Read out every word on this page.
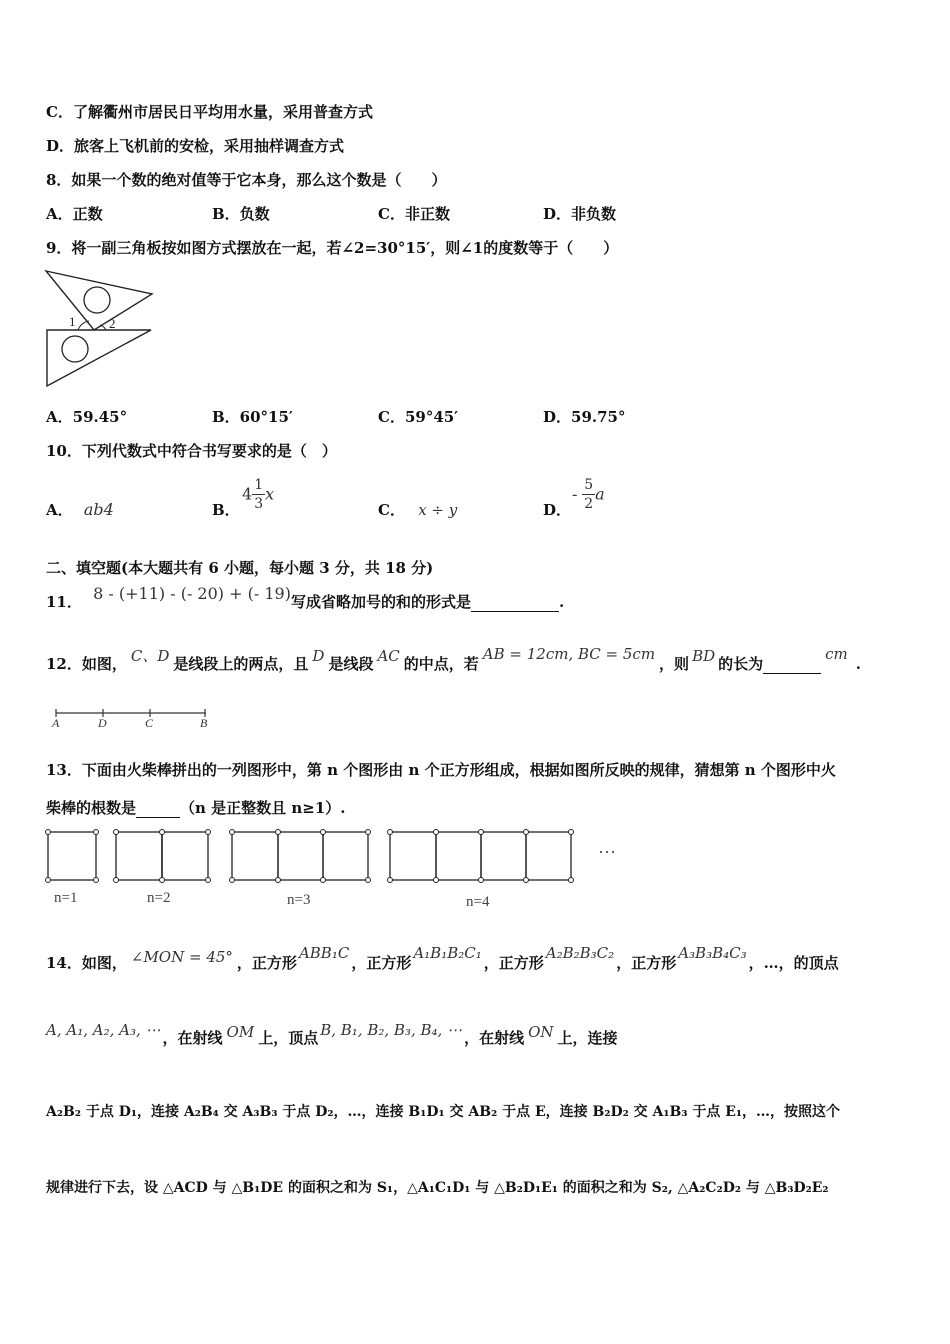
C．了解衢州市居民日平均用水量，采用普查方式
D．旅客上飞机前的安检，采用抽样调查方式
8．如果一个数的绝对值等于它本身，那么这个数是（　　）
A．正数	B．负数	C．非正数	D．非负数
9．将一副三角板按如图方式摆放在一起，若∠2=30°15′，则∠1的度数等于（　　）
1	2
A．59.45°	B．60°15′	C．59°45′	D．59.75°
10．下列代数式中符合书写要求的是（　）
A． ab4	B．
$4 \frac{1}{3}$ x
C． x ÷ y	D．
- $\frac{5}{2}$ a
二、填空题(本大题共有 6 小题，每小题 3 分，共 18 分)
11． 8 - (+11) - (- 20) + (- 19)写成省略加号的和的形式是	.
12．如图， C、D 是线段上的两点，且 D 是线段 AC 的中点，若AB = 12cm, BC = 5cm，则 BD 的长为cm.
A	D	C	B
13．下面由火柴棒拼出的一列图形中，第 n 个图形由 n 个正方形组成，根据如图所反映的规律，猜想第 n 个图形中火
柴棒的根数是	（n 是正整数且 n≥1）.
···
n=1	n=2	n=3	n=4
14．如图， ∠MON = 45° ，正方形ABB₁C，正方形A₁B₁B₂C₁，正方形A₂B₂B₃C₂，正方形A₃B₃B₄C₃，…，的顶点
A, A₁, A₂, A₃, ⋯ ，在射线 OM 上，顶点 B, B₁, B₂, B₃, B₄, ⋯ ，在射线 ON 上，连接
A₂B₂ 于点 D₁，连接 A₂B₄ 交 A₃B₃ 于点 D₂，…，连接 B₁D₁ 交 AB₂ 于点 E，连接 B₂D₂ 交 A₁B₃ 于点 E₁，…，按照这个
规律进行下去，设 △ACD 与 △B₁DE 的面积之和为 S₁，△A₁C₁D₁ 与 △B₂D₁E₁ 的面积之和为 S₂, △A₂C₂D₂ 与 △B₃D₂E₂
